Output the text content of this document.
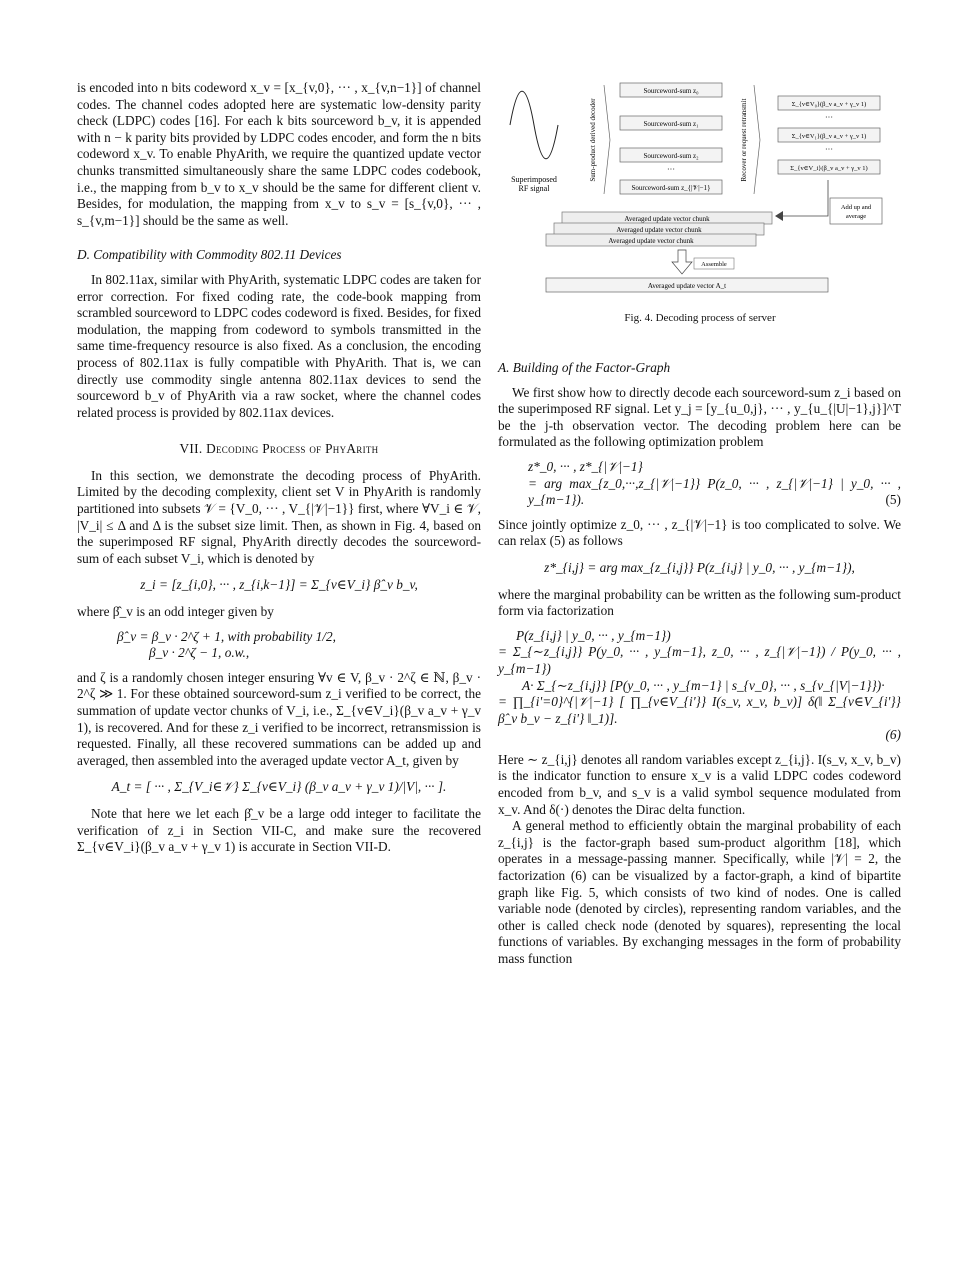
is encoded into n bits codeword x_v = [x_{v,0}, ··· , x_{v,n−1}] of channel codes. The channel codes adopted here are systematic low-density parity check (LDPC) codes [16]. For each k bits sourceword b_v, it is appended with n − k parity bits provided by LDPC codes encoder, and form the n bits codeword x_v. To enable PhyArith, we require the quantized update vector chunks transmitted simultaneously share the same LDPC codes codebook, i.e., the mapping from b_v to x_v should be the same for different client v. Besides, for modulation, the mapping from x_v to s_v = [s_{v,0}, ··· , s_{v,m−1}] should be the same as well.

D. Compatibility with Commodity 802.11 Devices

In 802.11ax, similar with PhyArith, systematic LDPC codes are taken for error correction. For fixed coding rate, the code-book mapping from scrambled sourceword to LDPC codes codeword is fixed. Besides, for fixed modulation, the mapping from codeword to symbols transmitted in the same time-frequency resource is also fixed. As a conclusion, the encoding process of 802.11ax is fully compatible with PhyArith. That is, we can directly use commodity single antenna 802.11ax devices to send the sourceword b_v of PhyArith via a raw socket, where the channel codes related process is provided by 802.11ax devices.

VII. Decoding Process of PhyArith

In this section, we demonstrate the decoding process of PhyArith. Limited by the decoding complexity, client set V in PhyArith is randomly partitioned into subsets 𝒱 = {V_0, ··· , V_{|𝒱|−1}} first, where ∀V_i ∈ 𝒱, |V_i| ≤ Δ and Δ is the subset size limit. Then, as shown in Fig. 4, based on the superimposed RF signal, PhyArith directly decodes the sourceword-sum of each subset V_i, which is denoted by

z_i = [z_{i,0}, ··· , z_{i,k−1}] = Σ_{v∈V_i} β̂_v b_v,

where β̂_v is an odd integer given by

β̂_v = β_v · 2^ζ + 1, with probability 1/2,
β_v · 2^ζ − 1, o.w.,

and ζ is a randomly chosen integer ensuring ∀v ∈ V, β_v · 2^ζ ∈ ℕ, β_v · 2^ζ ≫ 1. For these obtained sourceword-sum z_i verified to be correct, the summation of update vector chunks of V_i, i.e., Σ_{v∈V_i}(β_v a_v + γ_v 1), is recovered. And for these z_i verified to be incorrect, retransmission is requested. Finally, all these recovered summations can be added up and averaged, then assembled into the averaged update vector A_t, given by

A_t = [ ··· , Σ_{V_i∈𝒱} Σ_{v∈V_i} (β_v a_v + γ_v 1)/|V|, ··· ].

Note that here we let each β̂_v be a large odd integer to facilitate the verification of z_i in Section VII-C, and make sure the recovered Σ_{v∈V_i}(β_v a_v + γ_v 1) is accurate in Section VII-D.

Superimposed
RF signal
Sum-product derived decoder	Recover or request retransmit
Sourceword-sum z₀
Sourceword-sum z₁
Sourceword-sum z₂
···
Sourceword-sum z_{|𝒱|−1}
Σ_{v∈V₀}(β_v a_v + γ_v 1)
···
Σ_{v∈V₁}(β_v a_v + γ_v 1)
···
Σ_{v∈V_i}(β_v a_v + γ_v 1)
Add up and
average
Averaged update vector chunk
Averaged update vector chunk
Averaged update vector chunk
Assemble
Averaged update vector A_t
Fig. 4. Decoding process of server
A. Building of the Factor-Graph

We first show how to directly decode each sourceword-sum z_i based on the superimposed RF signal. Let y_j = [y_{u_0,j}, ··· , y_{u_{|U|−1},j}]^T be the j-th observation vector. The decoding problem here can be formulated as the following optimization problem

z*_0, ··· , z*_{|𝒱|−1}
= arg max_{z_0,···,z_{|𝒱|−1}} P(z_0, ··· , z_{|𝒱|−1} | y_0, ··· , y_{m−1}).	(5)

Since jointly optimize z_0, ··· , z_{|𝒱|−1} is too complicated to solve. We can relax (5) as follows

z*_{i,j} = arg max_{z_{i,j}} P(z_{i,j} | y_0, ··· , y_{m−1}),

where the marginal probability can be written as the following sum-product form via factorization

P(z_{i,j} | y_0, ··· , y_{m−1})
= Σ_{∼z_{i,j}} P(y_0, ··· , y_{m−1}, z_0, ··· , z_{|𝒱|−1}) / P(y_0, ··· , y_{m−1})
A· Σ_{∼z_{i,j}} [P(y_0, ··· , y_{m−1} | s_{v_0}, ··· , s_{v_{|V|−1}})·
= ∏_{i'=0}^{|𝒱|−1} [ ∏_{v∈V_{i'}} I(s_v, x_v, b_v)] δ(‖ Σ_{v∈V_{i'}} β̂_v b_v − z_{i'} ‖_1)].
(6)

Here ∼ z_{i,j} denotes all random variables except z_{i,j}. I(s_v, x_v, b_v) is the indicator function to ensure x_v is a valid LDPC codes codeword encoded from b_v, and s_v is a valid symbol sequence modulated from x_v. And δ(·) denotes the Dirac delta function.

A general method to efficiently obtain the marginal probability of each z_{i,j} is the factor-graph based sum-product algorithm [18], which operates in a message-passing manner. Specifically, while |𝒱| = 2, the factorization (6) can be visualized by a factor-graph, a kind of bipartite graph like Fig. 5, which consists of two kind of nodes. One is called variable node (denoted by circles), representing random variables, and the other is called check node (denoted by squares), representing the local functions of variables. By exchanging messages in the form of probability mass function
